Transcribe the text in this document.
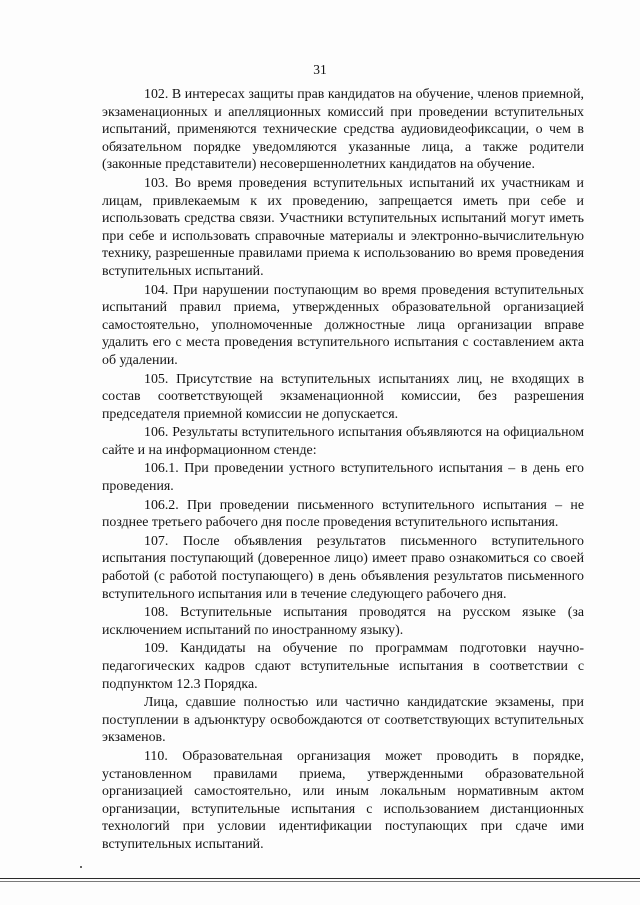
31

102. В интересах защиты прав кандидатов на обучение, членов приемной, экзаменационных и апелляционных комиссий при проведении вступительных испытаний, применяются технические средства аудиовидеофиксации, о чем в обязательном порядке уведомляются указанные лица, а также родители (законные представители) несовершеннолетних кандидатов на обучение.

103. Во время проведения вступительных испытаний их участникам и лицам, привлекаемым к их проведению, запрещается иметь при себе и использовать средства связи. Участники вступительных испытаний могут иметь при себе и использовать справочные материалы и электронно-вычислительную технику, разрешенные правилами приема к использованию во время проведения вступительных испытаний.

104. При нарушении поступающим во время проведения вступительных испытаний правил приема, утвержденных образовательной организацией самостоятельно, уполномоченные должностные лица организации вправе удалить его с места проведения вступительного испытания с составлением акта об удалении.

105. Присутствие на вступительных испытаниях лиц, не входящих в состав соответствующей экзаменационной комиссии, без разрешения председателя приемной комиссии не допускается.

106. Результаты вступительного испытания объявляются на официальном сайте и на информационном стенде:

106.1. При проведении устного вступительного испытания – в день его проведения.

106.2. При проведении письменного вступительного испытания – не позднее третьего рабочего дня после проведения вступительного испытания.

107. После объявления результатов письменного вступительного испытания поступающий (доверенное лицо) имеет право ознакомиться со своей работой (с работой поступающего) в день объявления результатов письменного вступительного испытания или в течение следующего рабочего дня.

108. Вступительные испытания проводятся на русском языке (за исключением испытаний по иностранному языку).

109. Кандидаты на обучение по программам подготовки научно-педагогических кадров сдают вступительные испытания в соответствии с подпунктом 12.3 Порядка.

Лица, сдавшие полностью или частично кандидатские экзамены, при поступлении в адъюнктуру освобождаются от соответствующих вступительных экзаменов.

110. Образовательная организация может проводить в порядке, установленном правилами приема, утвержденными образовательной организацией самостоятельно, или иным локальным нормативным актом организации, вступительные испытания с использованием дистанционных технологий при условии идентификации поступающих при сдаче ими вступительных испытаний.
